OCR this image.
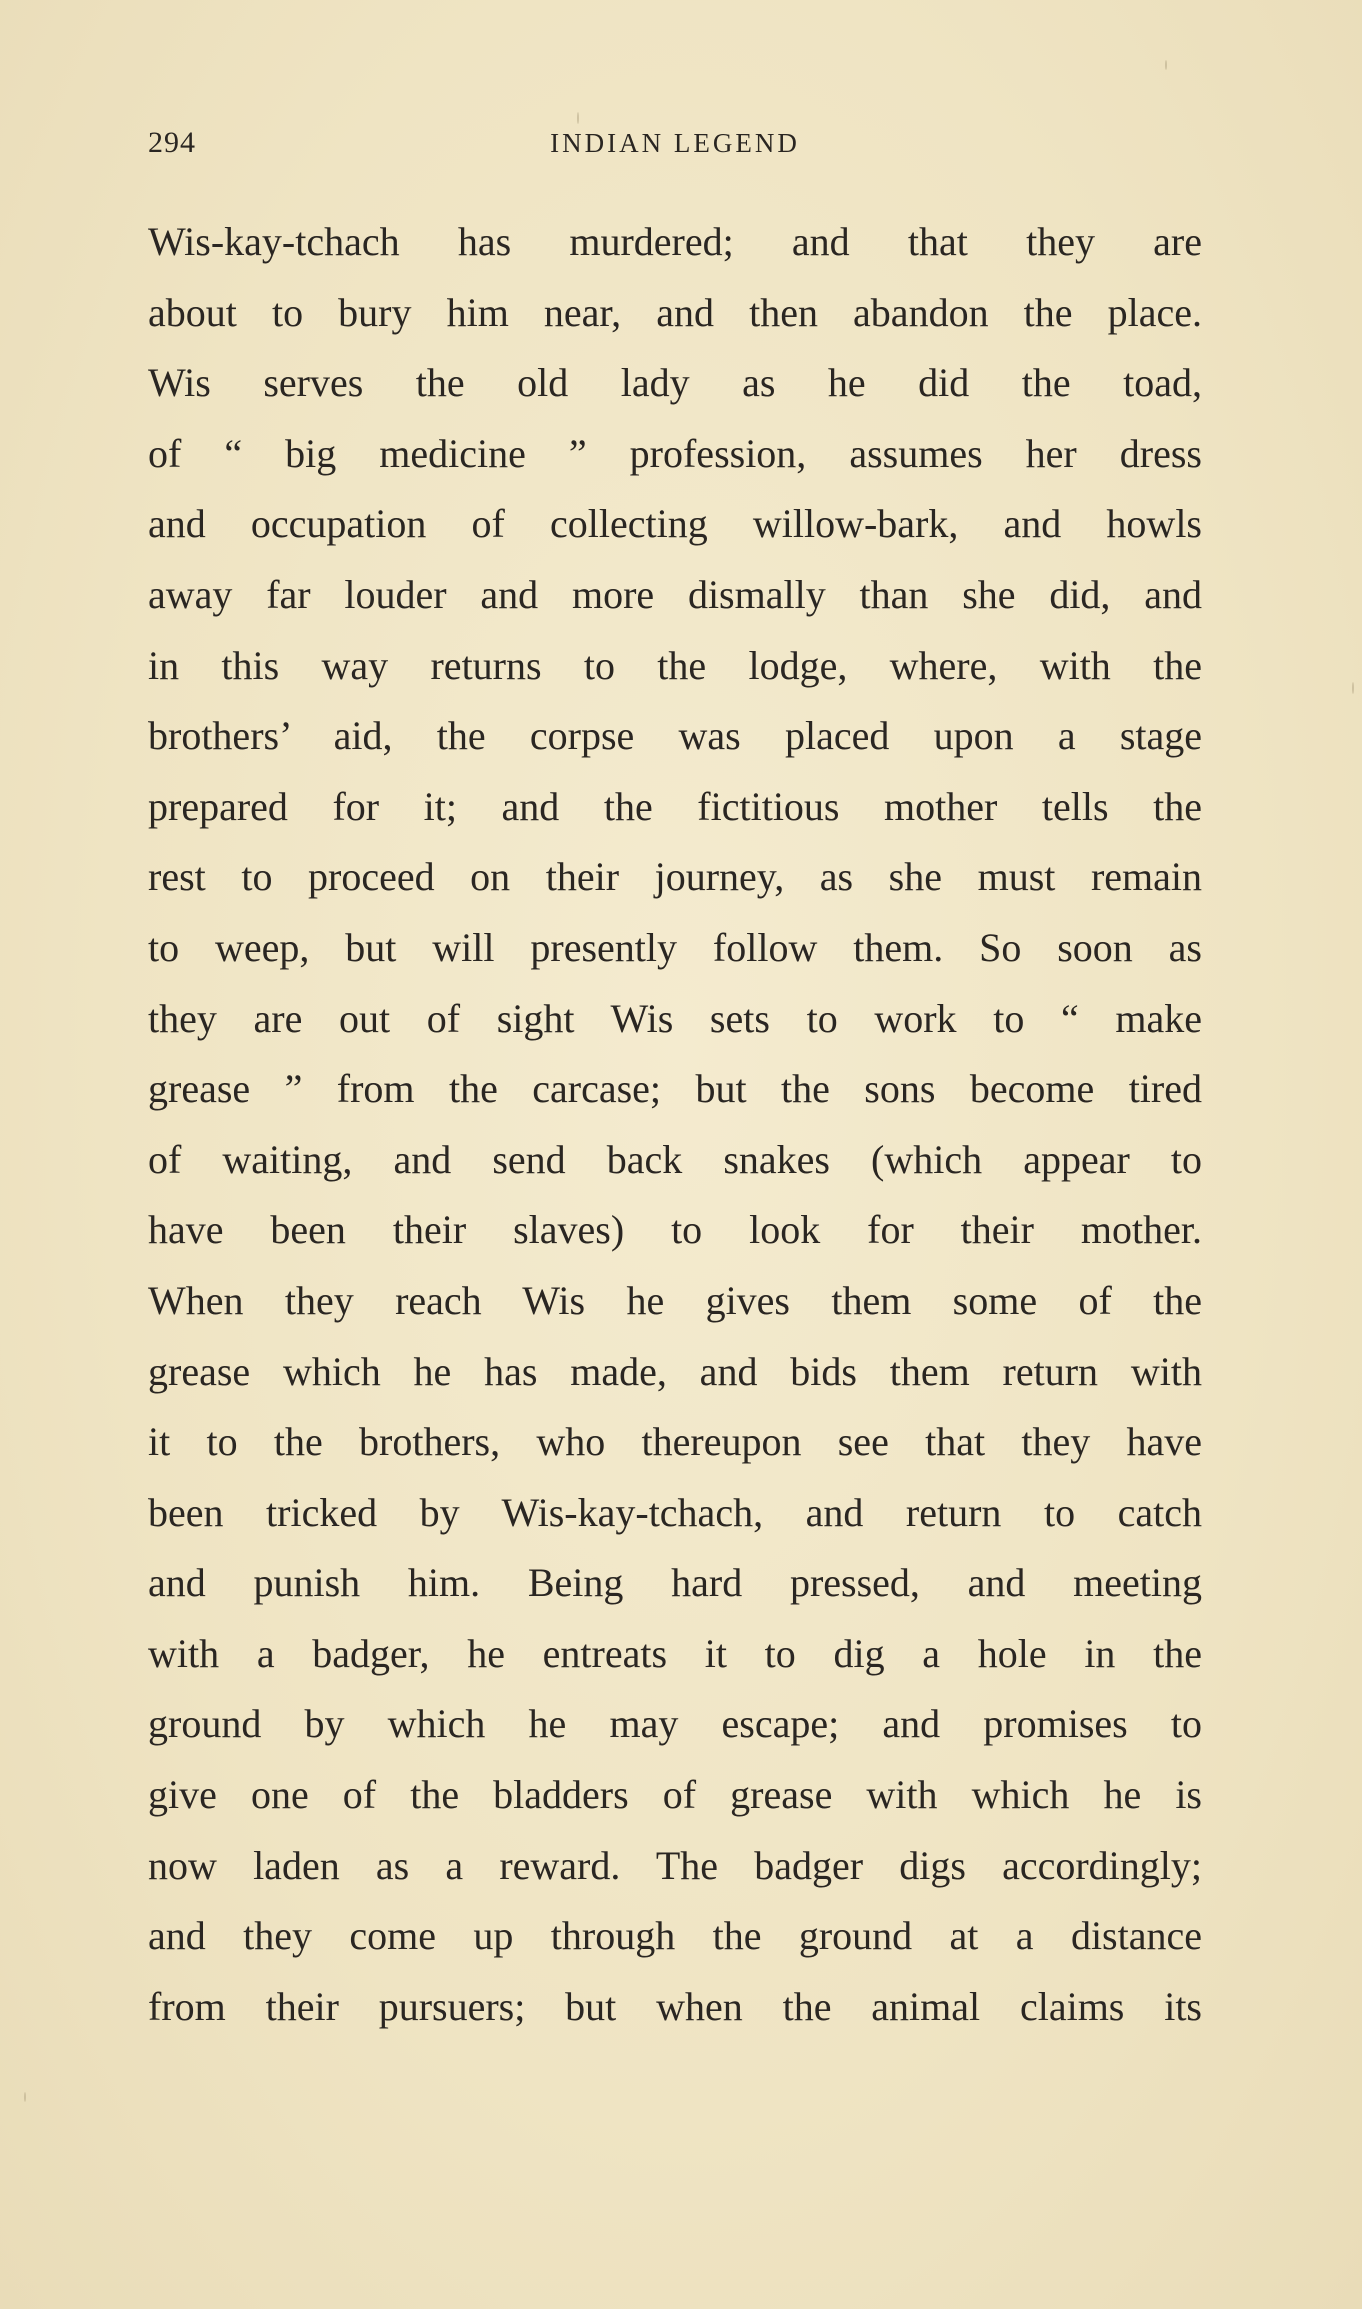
294	INDIAN LEGEND
Wis-kay-tchach has murdered; and that they are
about to bury him near, and then abandon the place.
Wis serves the old lady as he did the toad,
of “ big medicine ” profession, assumes her dress
and occupation of collecting willow-bark, and howls
away far louder and more dismally than she did, and
in this way returns to the lodge, where, with the
brothers’ aid, the corpse was placed upon a stage
prepared for it; and the fictitious mother tells the
rest to proceed on their journey, as she must remain
to weep, but will presently follow them. So soon as
they are out of sight Wis sets to work to “ make
grease ” from the carcase; but the sons become tired
of waiting, and send back snakes (which appear to
have been their slaves) to look for their mother.
When they reach Wis he gives them some of the
grease which he has made, and bids them return with
it to the brothers, who thereupon see that they have
been tricked by Wis-kay-tchach, and return to catch
and punish him. Being hard pressed, and meeting
with a badger, he entreats it to dig a hole in the
ground by which he may escape; and promises to
give one of the bladders of grease with which he is
now laden as a reward. The badger digs accordingly;
and they come up through the ground at a distance
from their pursuers; but when the animal claims its
